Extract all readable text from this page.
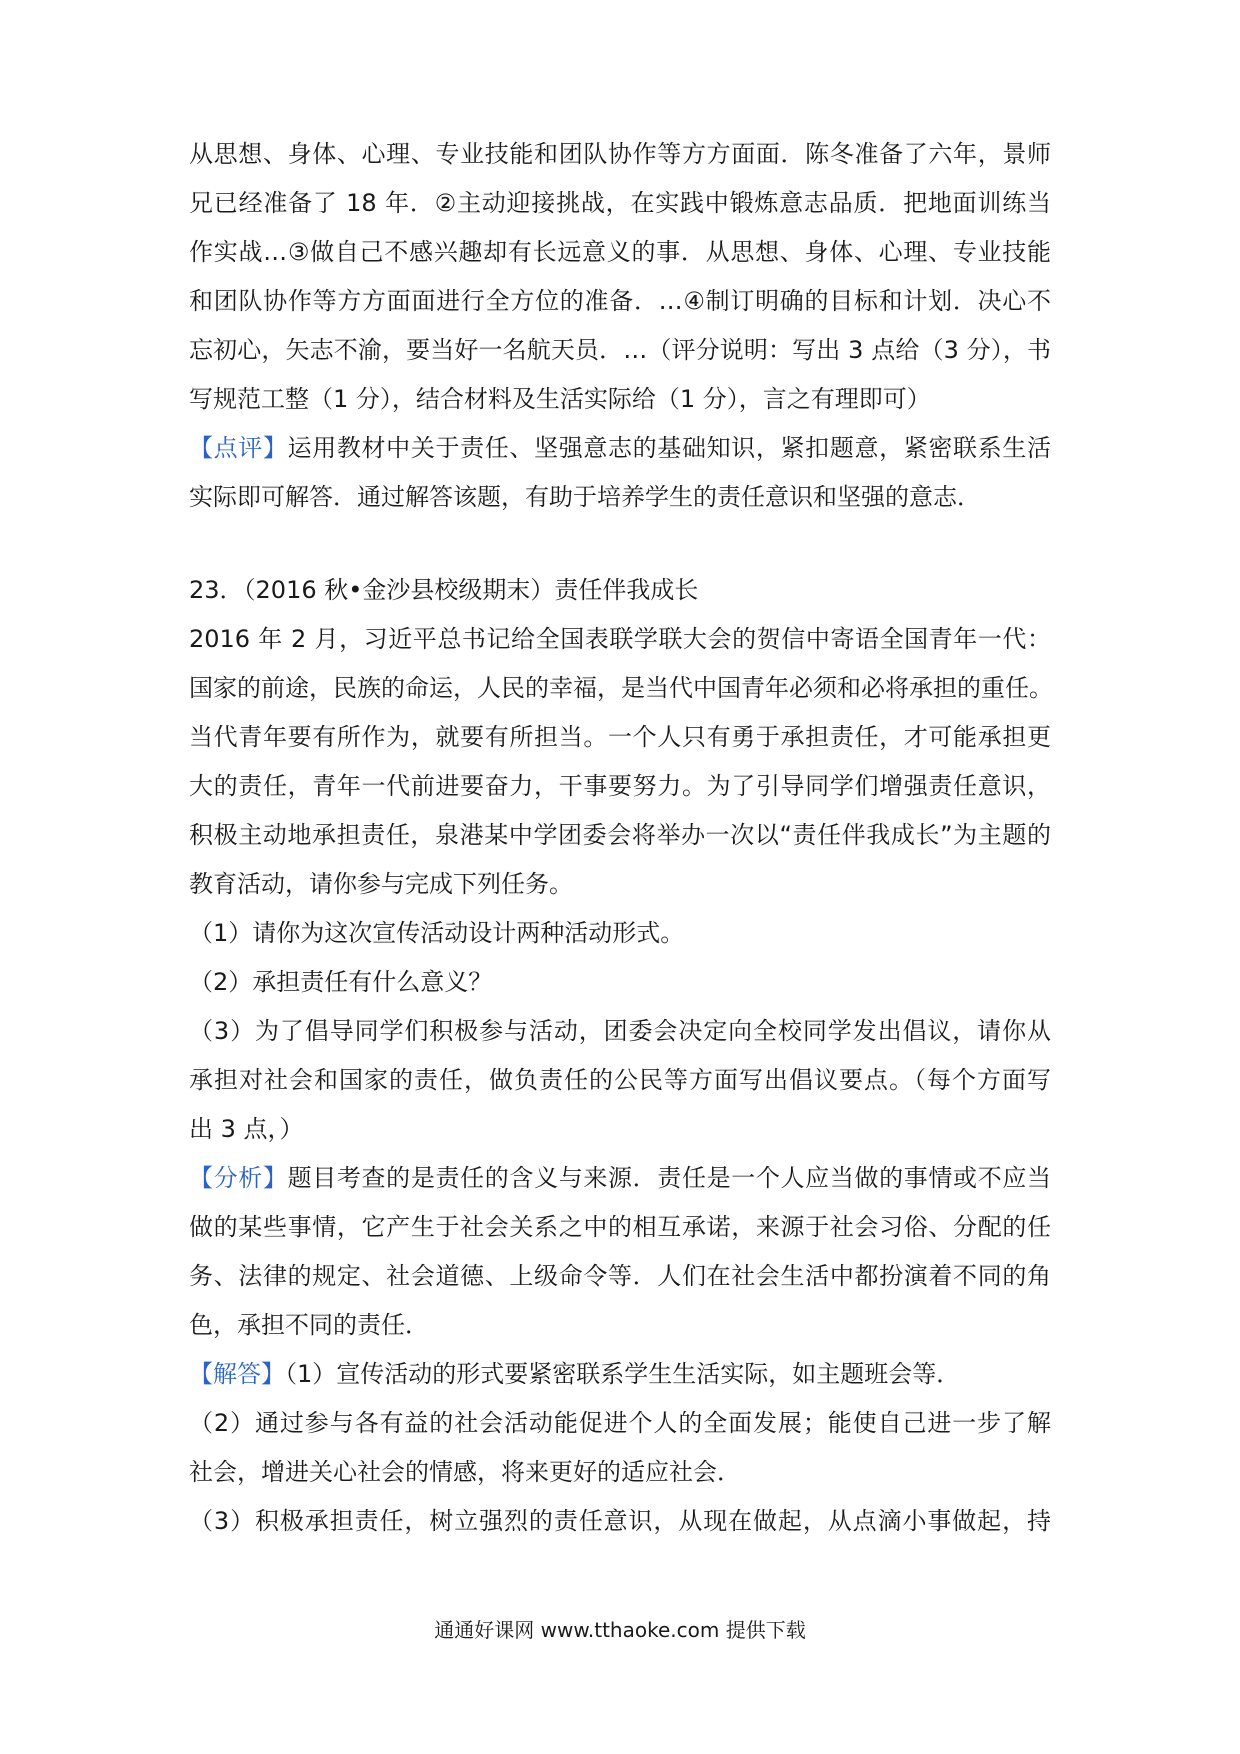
从思想、身体、心理、专业技能和团队协作等方方面面．陈冬准备了六年，景师
兄已经准备了 18 年．②主动迎接挑战，在实践中锻炼意志品质．把地面训练当
作实战…③做自己不感兴趣却有长远意义的事．从思想、身体、心理、专业技能
和团队协作等方方面面进行全方位的准备．…④制订明确的目标和计划．决心不
忘初心，矢志不渝，要当好一名航天员．…（评分说明：写出 3 点给（3 分），书
写规范工整（1 分），结合材料及生活实际给（1 分），言之有理即可）
【点评】运用教材中关于责任、坚强意志的基础知识，紧扣题意，紧密联系生活
实际即可解答．通过解答该题，有助于培养学生的责任意识和坚强的意志．
23．（2016 秋•金沙县校级期末）责任伴我成长
2016 年 2 月，习近平总书记给全国表联学联大会的贺信中寄语全国青年一代：
国家的前途，民族的命运，人民的幸福，是当代中国青年必须和必将承担的重任。
当代青年要有所作为，就要有所担当。一个人只有勇于承担责任，才可能承担更
大的责任，青年一代前进要奋力，干事要努力。为了引导同学们增强责任意识，
积极主动地承担责任，泉港某中学团委会将举办一次以“责任伴我成长”为主题的
教育活动，请你参与完成下列任务。
（1）请你为这次宣传活动设计两种活动形式。
（2）承担责任有什么意义？
（3）为了倡导同学们积极参与活动，团委会决定向全校同学发出倡议，请你从
承担对社会和国家的责任，做负责任的公民等方面写出倡议要点。（每个方面写
出 3 点，）
【分析】题目考查的是责任的含义与来源．责任是一个人应当做的事情或不应当
做的某些事情，它产生于社会关系之中的相互承诺，来源于社会习俗、分配的任
务、法律的规定、社会道德、上级命令等．人们在社会生活中都扮演着不同的角
色，承担不同的责任．
【解答】（1）宣传活动的形式要紧密联系学生生活实际，如主题班会等．
（2）通过参与各有益的社会活动能促进个人的全面发展；能使自己进一步了解
社会，增进关心社会的情感，将来更好的适应社会．
（3）积极承担责任，树立强烈的责任意识，从现在做起，从点滴小事做起，持
通通好课网 www.tthaoke.com 提供下载
